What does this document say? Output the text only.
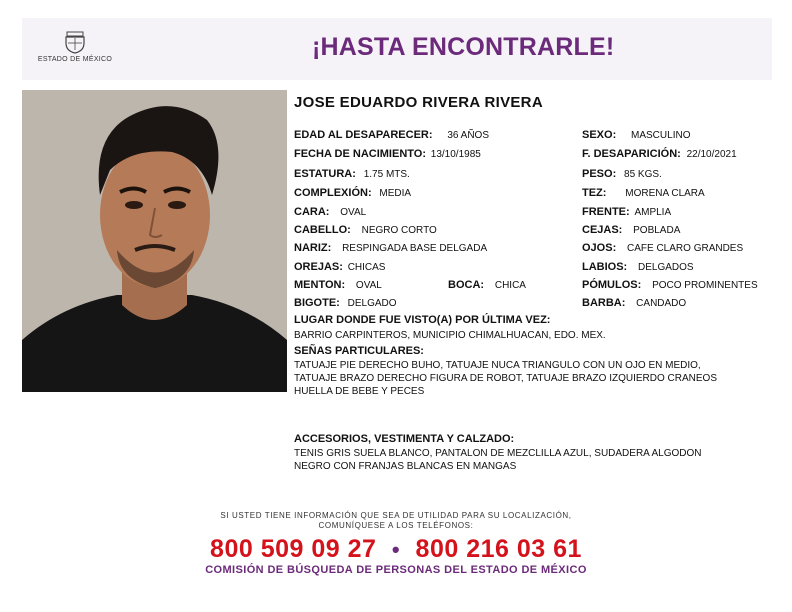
ESTADO DE MÉXICO	¡HASTA ENCONTRARLE!
JOSE EDUARDO RIVERA RIVERA
EDAD AL DESAPARECER: 36 AÑOS
FECHA DE NACIMIENTO: 13/10/1985
ESTATURA: 1.75 MTS.
COMPLEXIÓN: MEDIA
CARA: OVAL
CABELLO: NEGRO CORTO
NARIZ: RESPINGADA BASE DELGADA
OREJAS: CHICAS
MENTON: OVAL	BOCA: CHICA
BIGOTE: DELGADO
SEXO: MASCULINO
F. DESAPARICIÓN: 22/10/2021
PESO: 85 KGS.
TEZ: MORENA CLARA
FRENTE: AMPLIA
CEJAS: POBLADA
OJOS: CAFE CLARO GRANDES
LABIOS: DELGADOS
PÓMULOS: POCO PROMINENTES
BARBA: CANDADO
LUGAR DONDE FUE VISTO(A) POR ÚLTIMA VEZ:
BARRIO CARPINTEROS, MUNICIPIO CHIMALHUACAN, EDO. MEX.
SEÑAS PARTICULARES:
TATUAJE PIE DERECHO BUHO, TATUAJE NUCA TRIANGULO CON UN OJO EN MEDIO,
TATUAJE BRAZO DERECHO FIGURA DE ROBOT, TATUAJE BRAZO IZQUIERDO CRANEOS
HUELLA DE BEBE Y PECES
ACCESORIOS, VESTIMENTA Y CALZADO:
TENIS GRIS SUELA BLANCO, PANTALON DE MEZCLILLA AZUL, SUDADERA ALGODON
NEGRO CON FRANJAS BLANCAS EN MANGAS
SI USTED TIENE INFORMACIÓN QUE SEA DE UTILIDAD PARA SU LOCALIZACIÓN,
COMUNÍQUESE A LOS TELÉFONOS:
800 509 09 27 • 800 216 03 61
COMISIÓN DE BÚSQUEDA DE PERSONAS DEL ESTADO DE MÉXICO
